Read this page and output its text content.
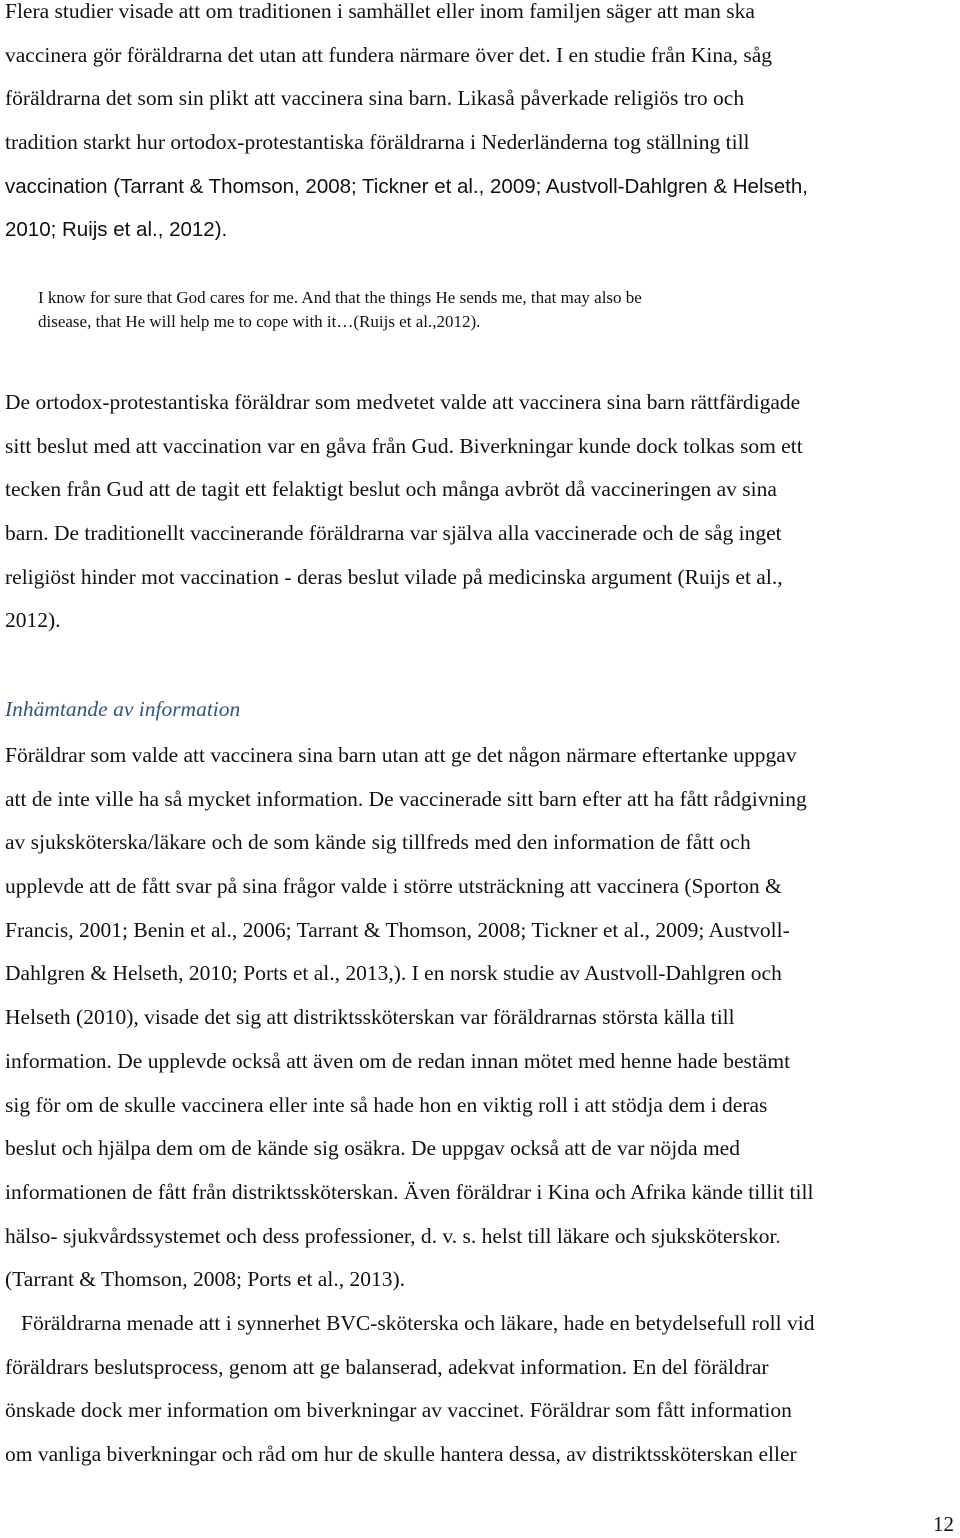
Flera studier visade att om traditionen i samhället eller inom familjen säger att man ska
vaccinera gör föräldrarna det utan att fundera närmare över det. I en studie från Kina, såg
föräldrarna det som sin plikt att vaccinera sina barn. Likaså påverkade religiös tro och
tradition starkt hur ortodox-protestantiska föräldrarna i Nederländerna tog ställning till
vaccination (Tarrant & Thomson, 2008; Tickner et al., 2009; Austvoll-Dahlgren & Helseth,
2010; Ruijs et al., 2012).

I know for sure that God cares for me. And that the things He sends me, that may also be
disease, that He will help me to cope with it…(Ruijs et al.,2012).

De ortodox-protestantiska föräldrar som medvetet valde att vaccinera sina barn rättfärdigade
sitt beslut med att vaccination var en gåva från Gud. Biverkningar kunde dock tolkas som ett
tecken från Gud att de tagit ett felaktigt beslut och många avbröt då vaccineringen av sina
barn. De traditionellt vaccinerande föräldrarna var själva alla vaccinerade och de såg inget
religiöst hinder mot vaccination - deras beslut vilade på medicinska argument (Ruijs et al.,
2012).

Inhämtande av information

Föräldrar som valde att vaccinera sina barn utan att ge det någon närmare eftertanke uppgav
att de inte ville ha så mycket information. De vaccinerade sitt barn efter att ha fått rådgivning
av sjuksköterska/läkare och de som kände sig tillfreds med den information de fått och
upplevde att de fått svar på sina frågor valde i större utsträckning att vaccinera (Sporton &
Francis, 2001; Benin et al., 2006; Tarrant & Thomson, 2008; Tickner et al., 2009; Austvoll-
Dahlgren & Helseth, 2010; Ports et al., 2013,). I en norsk studie av Austvoll-Dahlgren och
Helseth (2010), visade det sig att distriktssköterskan var föräldrarnas största källa till
information. De upplevde också att även om de redan innan mötet med henne hade bestämt
sig för om de skulle vaccinera eller inte så hade hon en viktig roll i att stödja dem i deras
beslut och hjälpa dem om de kände sig osäkra. De uppgav också att de var nöjda med
informationen de fått från distriktssköterskan. Även föräldrar i Kina och Afrika kände tillit till
hälso- sjukvårdssystemet och dess professioner, d. v. s. helst till läkare och sjuksköterskor.
(Tarrant & Thomson, 2008; Ports et al., 2013).

Föräldrarna menade att i synnerhet BVC-sköterska och läkare, hade en betydelsefull roll vid
föräldrars beslutsprocess, genom att ge balanserad, adekvat information. En del föräldrar
önskade dock mer information om biverkningar av vaccinet. Föräldrar som fått information
om vanliga biverkningar och råd om hur de skulle hantera dessa, av distriktssköterskan eller

12
